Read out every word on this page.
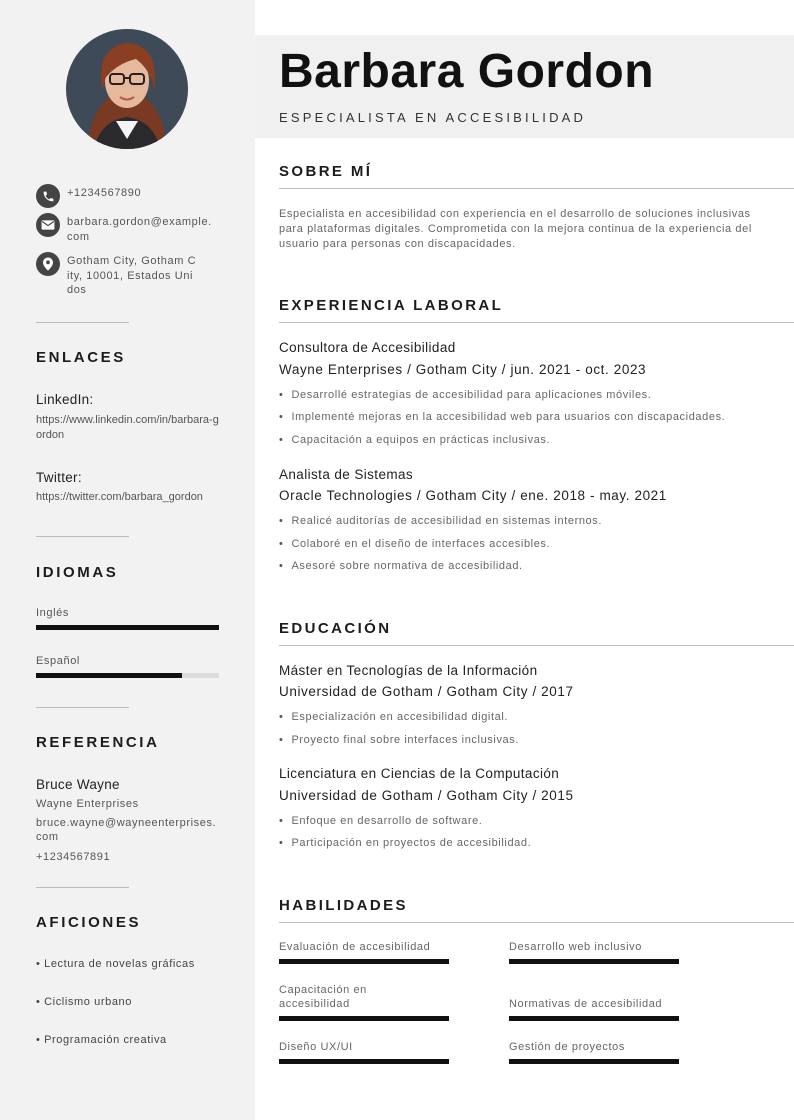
+1234567890
barbara.gordon@example.com
Gotham City, Gotham City, 10001, Estados Unidos
ENLACES
LinkedIn:
https://www.linkedin.com/in/barbara-gordon
Twitter:
https://twitter.com/barbara_gordon
IDIOMAS
Inglés
Español
REFERENCIA
Bruce Wayne
Wayne Enterprises
bruce.wayne@wayneenterprises.com
+1234567891
AFICIONES
• Lectura de novelas gráficas
• Ciclismo urbano
• Programación creativa
Barbara Gordon
ESPECIALISTA EN ACCESIBILIDAD
SOBRE MÍ
Especialista en accesibilidad con experiencia en el desarrollo de soluciones inclusivas para plataformas digitales. Comprometida con la mejora continua de la experiencia del usuario para personas con discapacidades.
EXPERIENCIA LABORAL
Consultora de Accesibilidad
Wayne Enterprises / Gotham City / jun. 2021 - oct. 2023
• Desarrollé estrategias de accesibilidad para aplicaciones móviles.
• Implementé mejoras en la accesibilidad web para usuarios con discapacidades.
• Capacitación a equipos en prácticas inclusivas.
Analista de Sistemas
Oracle Technologies / Gotham City / ene. 2018 - may. 2021
• Realicé auditorías de accesibilidad en sistemas internos.
• Colaboré en el diseño de interfaces accesibles.
• Asesoré sobre normativa de accesibilidad.
EDUCACIÓN
Máster en Tecnologías de la Información
Universidad de Gotham / Gotham City / 2017
• Especialización en accesibilidad digital.
• Proyecto final sobre interfaces inclusivas.
Licenciatura en Ciencias de la Computación
Universidad de Gotham / Gotham City / 2015
• Enfoque en desarrollo de software.
• Participación en proyectos de accesibilidad.
HABILIDADES
Evaluación de accesibilidad	Desarrollo web inclusivo
Capacitación en accesibilidad	Normativas de accesibilidad
Diseño UX/UI	Gestión de proyectos
